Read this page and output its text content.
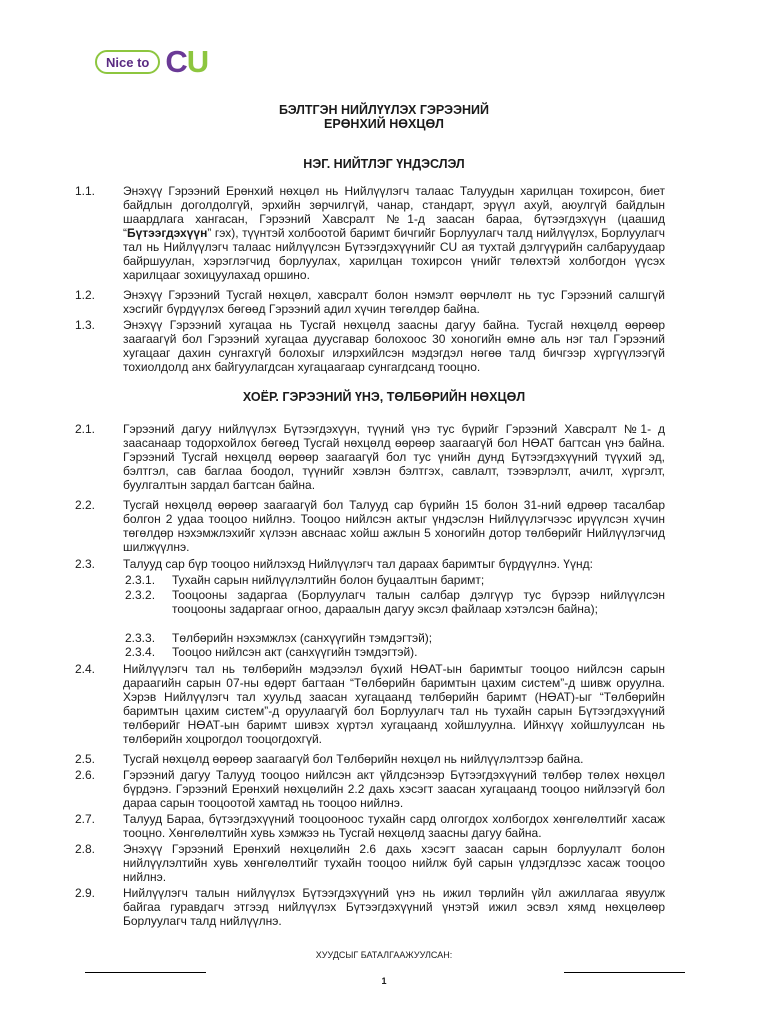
Nice to CU
БЭЛТГЭН НИЙЛҮҮЛЭХ ГЭРЭЭНИЙ
ЕРӨНХИЙ НӨХЦӨЛ
НЭГ. НИЙТЛЭГ ҮНДЭСЛЭЛ
1.1.	Энэхүү Гэрээний Ерөнхий нөхцөл нь Нийлүүлэгч талаас Талуудын харилцан тохирсон, биет байдлын доголдолгүй, эрхийн зөрчилгүй, чанар, стандарт, эрүүл ахуй, аюулгүй байдлын шаардлага хангасан, Гэрээний Хавсралт №1-д заасан бараа, бүтээгдэхүүн (цаашид “Бүтээгдэхүүн” гэх), түүнтэй холбоотой баримт бичгийг Борлуулагч талд нийлүүлэх, Борлуулагч тал нь Нийлүүлэгч талаас нийлүүлсэн Бүтээгдэхүүнийг CU ая тухтай дэлгүүрийн салбаруудаар байршуулан, хэрэглэгчид борлуулах, харилцан тохирсон үнийг төлөхтэй холбогдон үүсэх харилцааг зохицуулахад оршино.
1.2.	Энэхүү Гэрээний Тусгай нөхцөл, хавсралт болон нэмэлт өөрчлөлт нь тус Гэрээний салшгүй хэсгийг бүрдүүлэх бөгөөд Гэрээний адил хүчин төгөлдөр байна.
1.3.	Энэхүү Гэрээний хугацаа нь Тусгай нөхцөлд заасны дагуу байна. Тусгай нөхцөлд өөрөөр заагаагүй бол Гэрээний хугацаа дуусгавар болохоос 30 хоногийн өмнө аль нэг тал Гэрээний хугацааг дахин сунгахгүй болохыг илэрхийлсэн мэдэгдэл нөгөө талд бичгээр хүргүүлээгүй тохиолдолд анх байгуулагдсан хугацаагаар сунгагдсанд тооцно.
ХОЁР. ГЭРЭЭНИЙ ҮНЭ, ТӨЛБӨРИЙН НӨХЦӨЛ
2.1.	Гэрээний дагуу нийлүүлэх Бүтээгдэхүүн, түүний үнэ тус бүрийг Гэрээний Хавсралт №1- д заасанаар тодорхойлох бөгөөд Тусгай нөхцөлд өөрөөр заагаагүй бол НӨАТ багтсан үнэ байна. Гэрээний Тусгай нөхцөлд өөрөөр заагаагүй бол тус үнийн дунд Бүтээгдэхүүний түүхий эд, бэлтгэл, сав баглаа боодол, түүнийг хэвлэн бэлтгэх, савлалт, тээвэрлэлт, ачилт, хүргэлт, буулгалтын зардал багтсан байна.
2.2.	Тусгай нөхцөлд өөрөөр заагаагүй бол Талууд сар бүрийн 15 болон 31-ний өдрөөр тасалбар болгон 2 удаа тооцоо нийлнэ. Тооцоо нийлсэн актыг үндэслэн Нийлүүлэгчээс ирүүлсэн хүчин төгөлдөр нэхэмжлэхийг хүлээн авснаас хойш ажлын 5 хоногийн дотор төлбөрийг Нийлүүлэгчид шилжүүлнэ.
2.3.	Талууд сар бүр тооцоо нийлэхэд Нийлүүлэгч тал дараах баримтыг бүрдүүлнэ. Үүнд:
2.3.1.	Тухайн сарын нийлүүлэлтийн болон буцаалтын баримт;
2.3.2.	Тооцооны задаргаа (Борлуулагч талын салбар дэлгүүр тус бүрээр нийлүүлсэн тооцооны задаргааг огноо, дараалын дагуу эксэл файлаар хэтэлсэн байна);
2.3.3.	Төлбөрийн нэхэмжлэх (санхүүгийн тэмдэгтэй);
2.3.4.	Тооцоо нийлсэн акт (санхүүгийн тэмдэгтэй).
2.4.	Нийлүүлэгч тал нь төлбөрийн мэдээлэл бүхий НӨАТ-ын баримтыг тооцоо нийлсэн сарын дараагийн сарын 07-ны өдөрт багтаан “Төлбөрийн баримтын цахим систем”-д шивж оруулна. Хэрэв Нийлүүлэгч тал хуульд заасан хугацаанд төлбөрийн баримт (НӨАТ)-ыг “Төлбөрийн баримтын цахим систем”-д оруулаагүй бол Борлуулагч тал нь тухайн сарын Бүтээгдэхүүний төлбөрийг НӨАТ-ын баримт шивэх хүртэл хугацаанд хойшлуулна. Ийнхүү хойшлуулсан нь төлбөрийн хоцрогдол тооцогдохгүй.
2.5.	Тусгай нөхцөлд өөрөөр заагаагүй бол Төлбөрийн нөхцөл нь нийлүүлэлтээр байна.
2.6.	Гэрээний дагуу Талууд тооцоо нийлсэн акт үйлдсэнээр Бүтээгдэхүүний төлбөр төлөх нөхцөл бүрдэнэ. Гэрээний Ерөнхий нөхцөлийн 2.2 дахь хэсэгт заасан хугацаанд тооцоо нийлээгүй бол дараа сарын тооцоотой хамтад нь тооцоо нийлнэ.
2.7.	Талууд Бараа, бүтээгдэхүүний тооцоонооc тухайн сард олгогдох холбогдох хөнгөлөлтийг хасаж тооцно. Хөнгөлөлтийн хувь хэмжээ нь Тусгай нөхцөлд заасны дагуу байна.
2.8.	Энэхүү Гэрээний Ерөнхий нөхцөлийн 2.6 дахь хэсэгт заасан сарын борлуулалт болон нийлүүлэлтийн хувь хөнгөлөлтийг тухайн тооцоо нийлж буй сарын үлдэгдлээс хасаж тооцоо нийлнэ.
2.9.	Нийлүүлэгч талын нийлүүлэх Бүтээгдэхүүний үнэ нь ижил төрлийн үйл ажиллагаа явуулж байгаа гуравдагч этгээд нийлүүлэх Бүтээгдэхүүний үнэтэй ижил эсвэл хямд нөхцөлөөр Борлуулагч талд нийлүүлнэ.
ХУУДСЫГ БАТАЛГААЖУУЛСАН:
1
